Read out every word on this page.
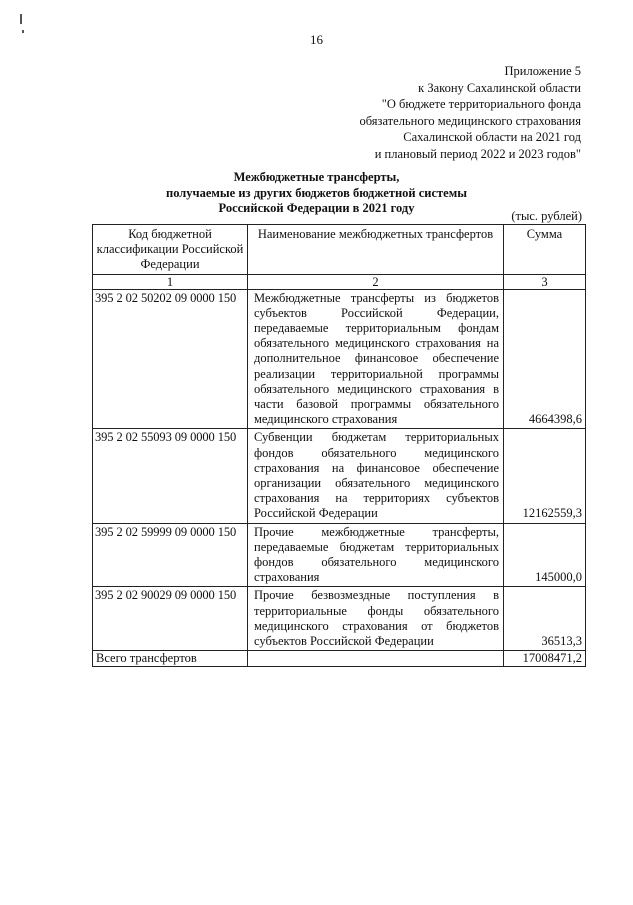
16
Приложение 5
к Закону Сахалинской области
"О бюджете территориального фонда
обязательного медицинского страхования
Сахалинской области на 2021 год
и плановый период 2022 и 2023 годов"
Межбюджетные трансферты,
получаемые из других бюджетов бюджетной системы
Российской Федерации в 2021 году
(тыс. рублей)
Код бюджетной классификации Российской Федерации	Наименование межбюджетных трансфертов	Сумма
1	2	3
395 2 02 50202 09 0000 150	Межбюджетные трансферты из бюджетов субъектов Российской Федерации, передаваемые территориальным фондам обязательного медицинского страхования на дополнительное финансовое обеспечение реализации территориальной программы обязательного медицинского страхования в части базовой программы обязательного медицинского страхования	4664398,6
395 2 02 55093 09 0000 150	Субвенции бюджетам территориальных фондов обязательного медицинского страхования на финансовое обеспечение организации обязательного медицинского страхования на территориях субъектов Российской Федерации	12162559,3
395 2 02 59999 09 0000 150	Прочие межбюджетные трансферты, передаваемые бюджетам территориальных фондов обязательного медицинского страхования	145000,0
395 2 02 90029 09 0000 150	Прочие безвозмездные поступления в территориальные фонды обязательного медицинского страхования от бюджетов субъектов Российской Федерации	36513,3
Всего трансфертов		17008471,2
